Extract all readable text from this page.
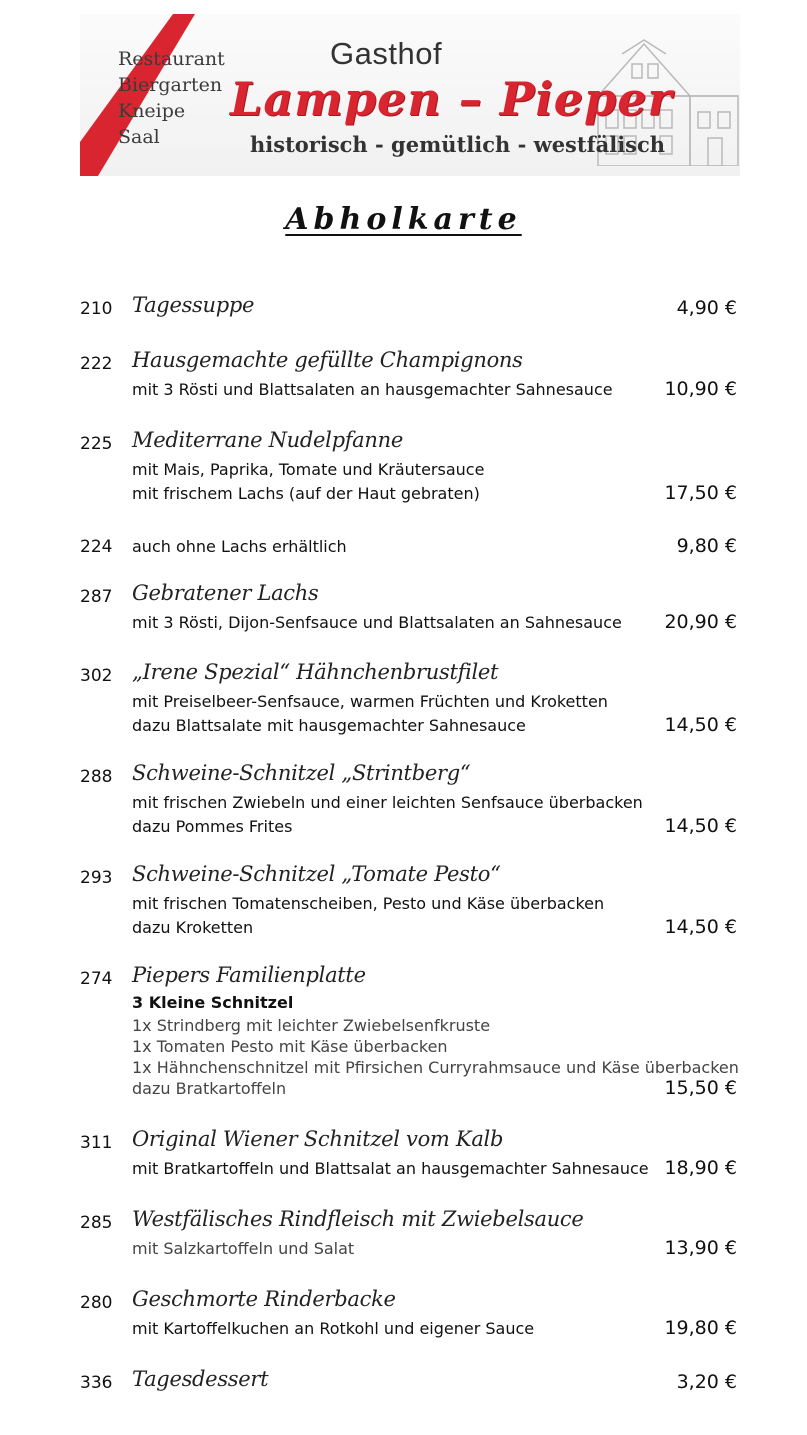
Restaurant
Biergarten
Kneipe
Saal
Gasthof
Lampen – Pieper
historisch - gemütlich - westfälisch
Abholkarte
210 Tagessuppe	4,90 €
222 Hausgemachte gefüllte Champignons
mit 3 Rösti und Blattsalaten an hausgemachter Sahnesauce	10,90 €
225 Mediterrane Nudelpfanne
mit Mais, Paprika, Tomate und Kräutersauce
mit frischem Lachs (auf der Haut gebraten)	17,50 €
224 auch ohne Lachs erhältlich	9,80 €
287 Gebratener Lachs
mit 3 Rösti, Dijon-Senfsauce und Blattsalaten an Sahnesauce 20,90 €
302 „Irene Spezial“ Hähnchenbrustfilet
mit Preiselbeer-Senfsauce, warmen Früchten und Kroketten
dazu Blattsalate mit hausgemachter Sahnesauce	14,50 €
288 Schweine-Schnitzel „Strintberg“
mit frischen Zwiebeln und einer leichten Senfsauce überbacken
dazu Pommes Frites	14,50 €
293 Schweine-Schnitzel „Tomate Pesto“
mit frischen Tomatenscheiben, Pesto und Käse überbacken
dazu Kroketten	14,50 €
274 Piepers Familienplatte
3 Kleine Schnitzel
1x Strindberg mit leichter Zwiebelsenfkruste
1x Tomaten Pesto mit Käse überbacken
1x Hähnchenschnitzel mit Pfirsichen Curryrahmsauce und Käse überbacken
dazu Bratkartoffeln	15,50 €
311 Original Wiener Schnitzel vom Kalb
mit Bratkartoffeln und Blattsalat an hausgemachter Sahnesauce 18,90 €
285 Westfälisches Rindfleisch mit Zwiebelsauce
mit Salzkartoffeln und Salat	13,90 €
280 Geschmorte Rinderbacke
mit Kartoffelkuchen an Rotkohl und eigener Sauce	19,80 €
336 Tagesdessert	3,20 €
